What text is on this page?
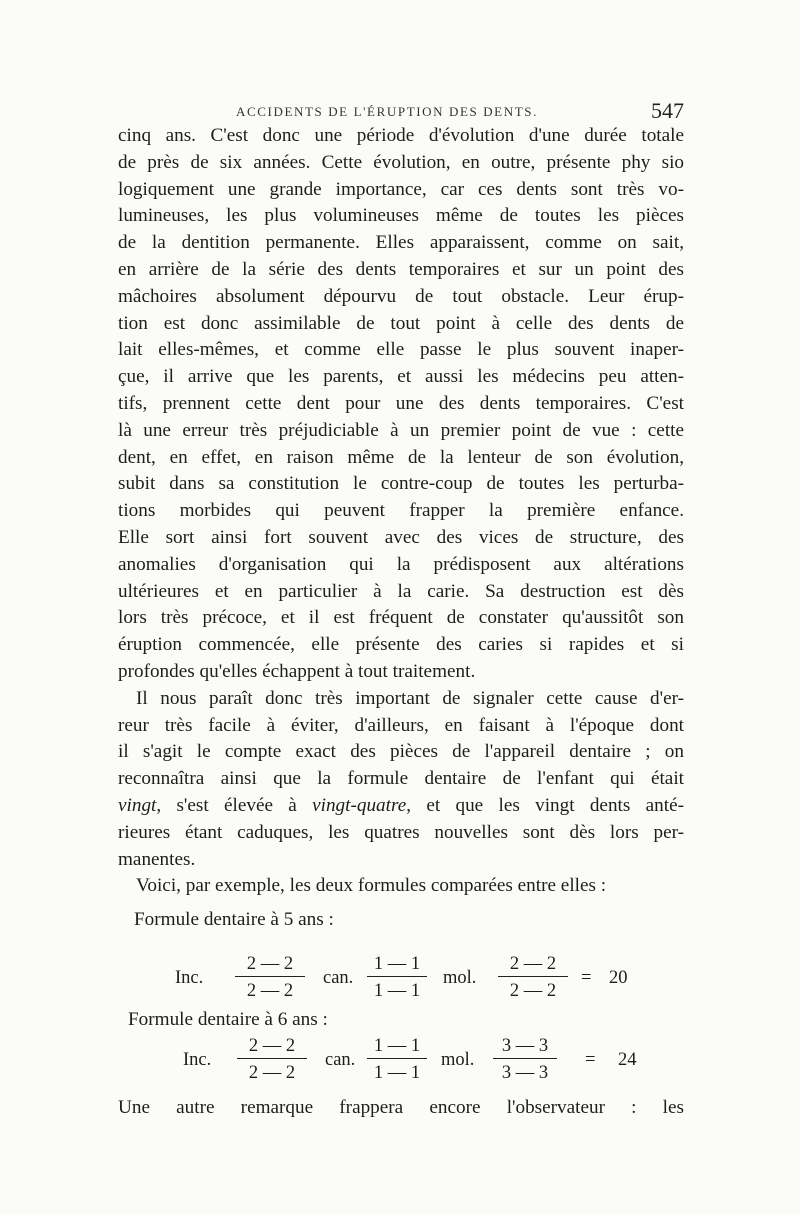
ACCIDENTS DE L'ÉRUPTION DES DENTS.	547
cinq ans. C'est donc une période d'évolution d'une durée totale
de près de six années. Cette évolution, en outre, présente phy sio
logiquement une grande importance, car ces dents sont très vo-
lumineuses, les plus volumineuses même de toutes les pièces
de la dentition permanente. Elles apparaissent, comme on sait,
en arrière de la série des dents temporaires et sur un point des
mâchoires absolument dépourvu de tout obstacle. Leur érup-
tion est donc assimilable de tout point à celle des dents de
lait elles-mêmes, et comme elle passe le plus souvent inaper-
çue, il arrive que les parents, et aussi les médecins peu atten-
tifs, prennent cette dent pour une des dents temporaires. C'est
là une erreur très préjudiciable à un premier point de vue : cette
dent, en effet, en raison même de la lenteur de son évolution,
subit dans sa constitution le contre-coup de toutes les perturba-
tions morbides qui peuvent frapper la première enfance.
Elle sort ainsi fort souvent avec des vices de structure, des
anomalies d'organisation qui la prédisposent aux altérations
ultérieures et en particulier à la carie. Sa destruction est dès
lors très précoce, et il est fréquent de constater qu'aussitôt son
éruption commencée, elle présente des caries si rapides et si
profondes qu'elles échappent à tout traitement.
Il nous paraît donc très important de signaler cette cause d'er-
reur très facile à éviter, d'ailleurs, en faisant à l'époque dont
il s'agit le compte exact des pièces de l'appareil dentaire ; on
reconnaîtra ainsi que la formule dentaire de l'enfant qui était
vingt, s'est élevée à vingt-quatre, et que les vingt dents anté-
rieures étant caduques, les quatres nouvelles sont dès lors per-
manentes.
Voici, par exemple, les deux formules comparées entre elles :
Formule dentaire à 5 ans :
Inc.
2 — 2
2 — 2
can.
1 — 1
1 — 1
mol.
2 — 2
2 — 2
= 20
Formule dentaire à 6 ans :
Inc.
2 — 2
2 — 2
can.
1 — 1
1 — 1
mol.
3 — 3
3 — 3
= 24
Une autre remarque frappera encore l'observateur : les
